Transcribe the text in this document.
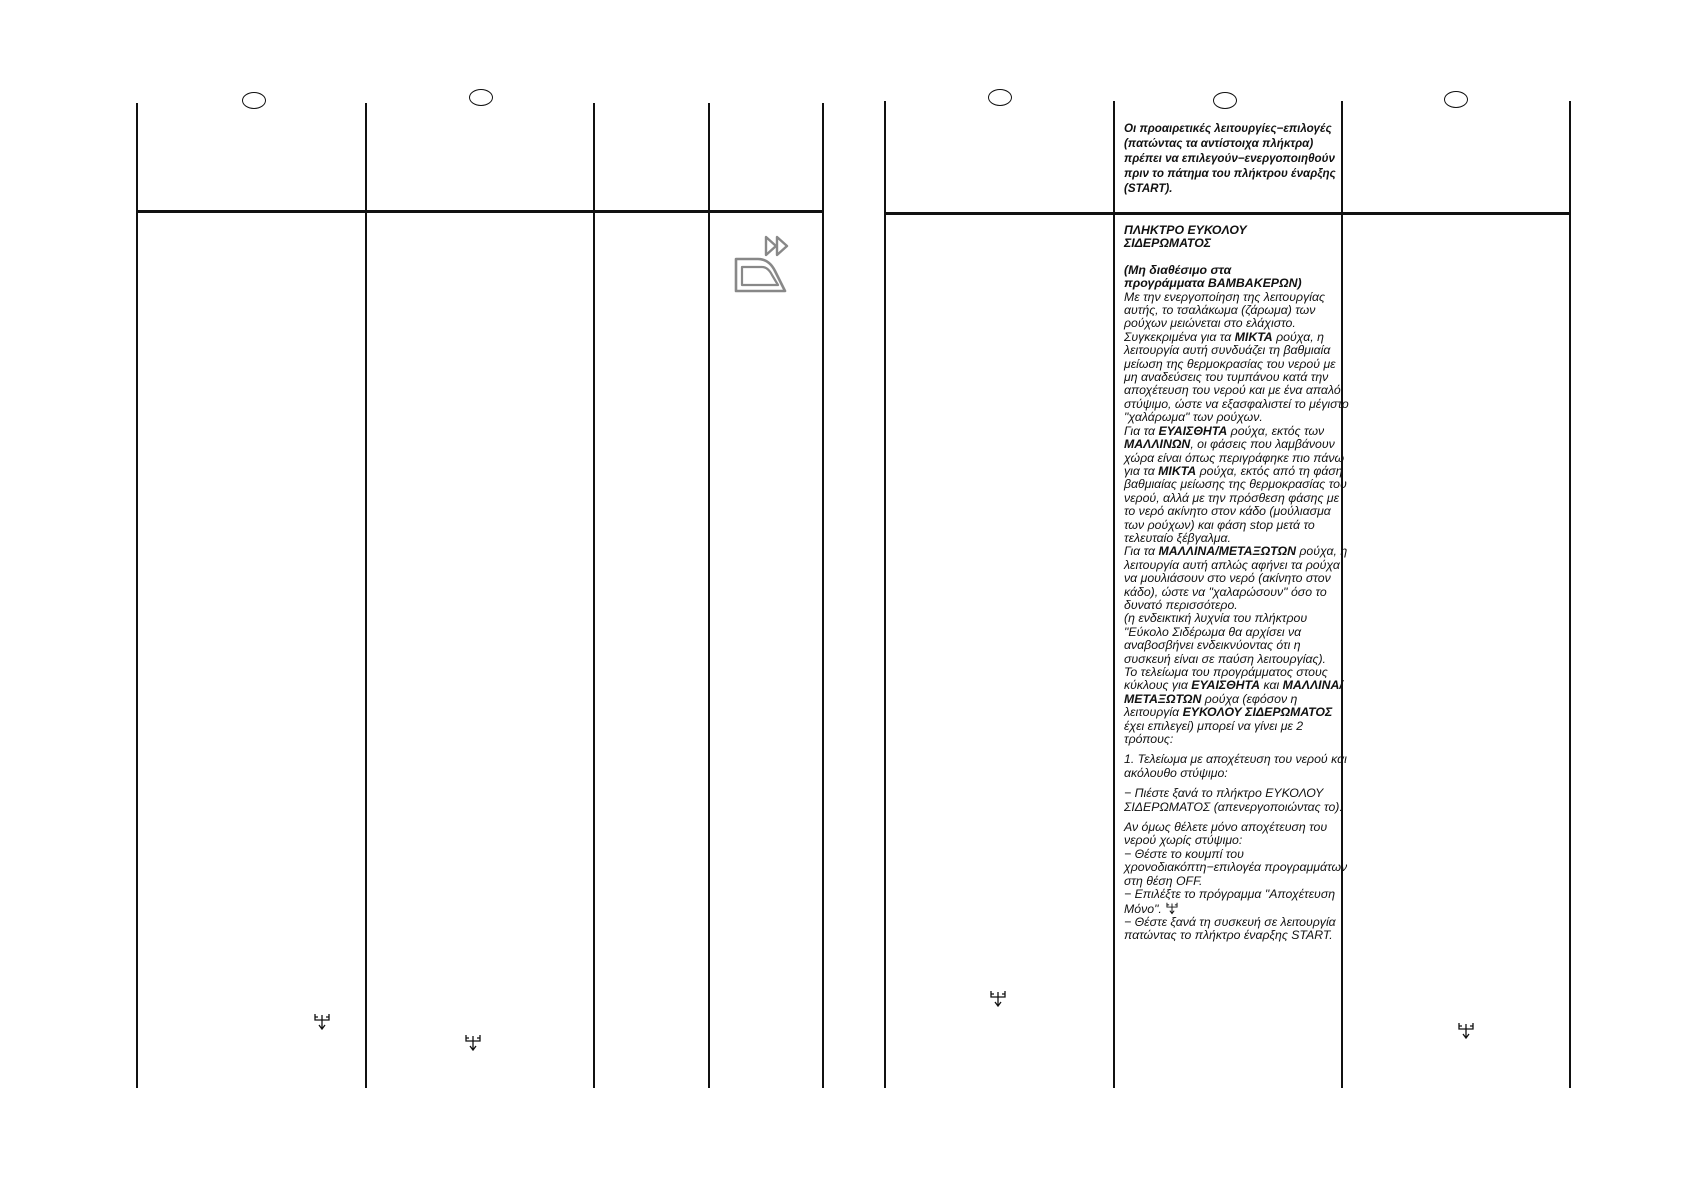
Οι προαιρετικές λειτουργίες−επιλογές (πατώντας τα αντίστοιχα πλήκτρα) πρέπει να επιλεγούν−ενεργοποιηθούν πριν το πάτημα του πλήκτρου έναρξης (START).

ΠΛΗΚΤΡΟ ΕΥΚΟΛΟΥ

ΣΙΔΕΡΩΜΑΤΟΣ

(Μη διαθέσιμο στα

προγράμματα ΒΑΜΒΑΚΕΡΩΝ)

Με την ενεργοποίηση της λειτουργίας αυτής, το τσαλάκωμα (ζάρωμα) των ρούχων μειώνεται στο ελάχιστο.

Συγκεκριμένα για τα ΜΙΚΤΑ ρούχα, η λειτουργία αυτή συνδυάζει τη βαθμιαία μείωση της θερμοκρασίας του νερού με μη αναδεύσεις του τυμπάνου κατά την αποχέτευση του νερού και με ένα απαλό στύψιμο, ώστε να εξασφαλιστεί το μέγιστο "χαλάρωμα" των ρούχων.

Για τα ΕΥΑΙΣΘΗΤΑ ρούχα, εκτός των ΜΑΛΛΙΝΩΝ, οι φάσεις που λαμβάνουν χώρα είναι όπως περιγράφηκε πιο πάνω για τα ΜΙΚΤΑ ρούχα, εκτός από τη φάση βαθμιαίας μείωσης της θερμοκρασίας του νερού, αλλά με την πρόσθεση φάσης με το νερό ακίνητο στον κάδο (μούλιασμα των ρούχων) και φάση stop μετά το τελευταίο ξέβγαλμα.

Για τα ΜΑΛΛΙΝΑ/ΜΕΤΑΞΩΤΩΝ ρούχα, η λειτουργία αυτή απλώς αφήνει τα ρούχα να μουλιάσουν στο νερό (ακίνητο στον κάδο), ώστε να "χαλαρώσουν" όσο το δυνατό περισσότερο.

(η ενδεικτική λυχνία του πλήκτρου "Εύκολο Σιδέρωμα θα αρχίσει να αναβοσβήνει ενδεικνύοντας ότι η συσκευή είναι σε παύση λειτουργίας).

Το τελείωμα του προγράμματος στους κύκλους για ΕΥΑΙΣΘΗΤΑ και ΜΑΛΛΙΝΑ/ΜΕΤΑΞΩΤΩΝ ρούχα (εφόσον η λειτουργία ΕΥΚΟΛΟΥ ΣΙΔΕΡΩΜΑΤΟΣ έχει επιλεγεί) μπορεί να γίνει με 2 τρόπους:

1. Τελείωμα με αποχέτευση του νερού και ακόλουθο στύψιμο:

− Πιέστε ξανά το πλήκτρο ΕΥΚΟΛΟΥ ΣΙΔΕΡΩΜΑΤΟΣ (απενεργοποιώντας το).

Αν όμως θέλετε μόνο αποχέτευση του νερού χωρίς στύψιμο:

− Θέστε το κουμπί του χρονοδιακόπτη−επιλογέα προγραμμάτων στη θέση OFF.

− Επιλέξτε το πρόγραμμα "Αποχέτευση Μόνο".

− Θέστε ξανά τη συσκευή σε λειτουργία πατώντας το πλήκτρο έναρξης START.
